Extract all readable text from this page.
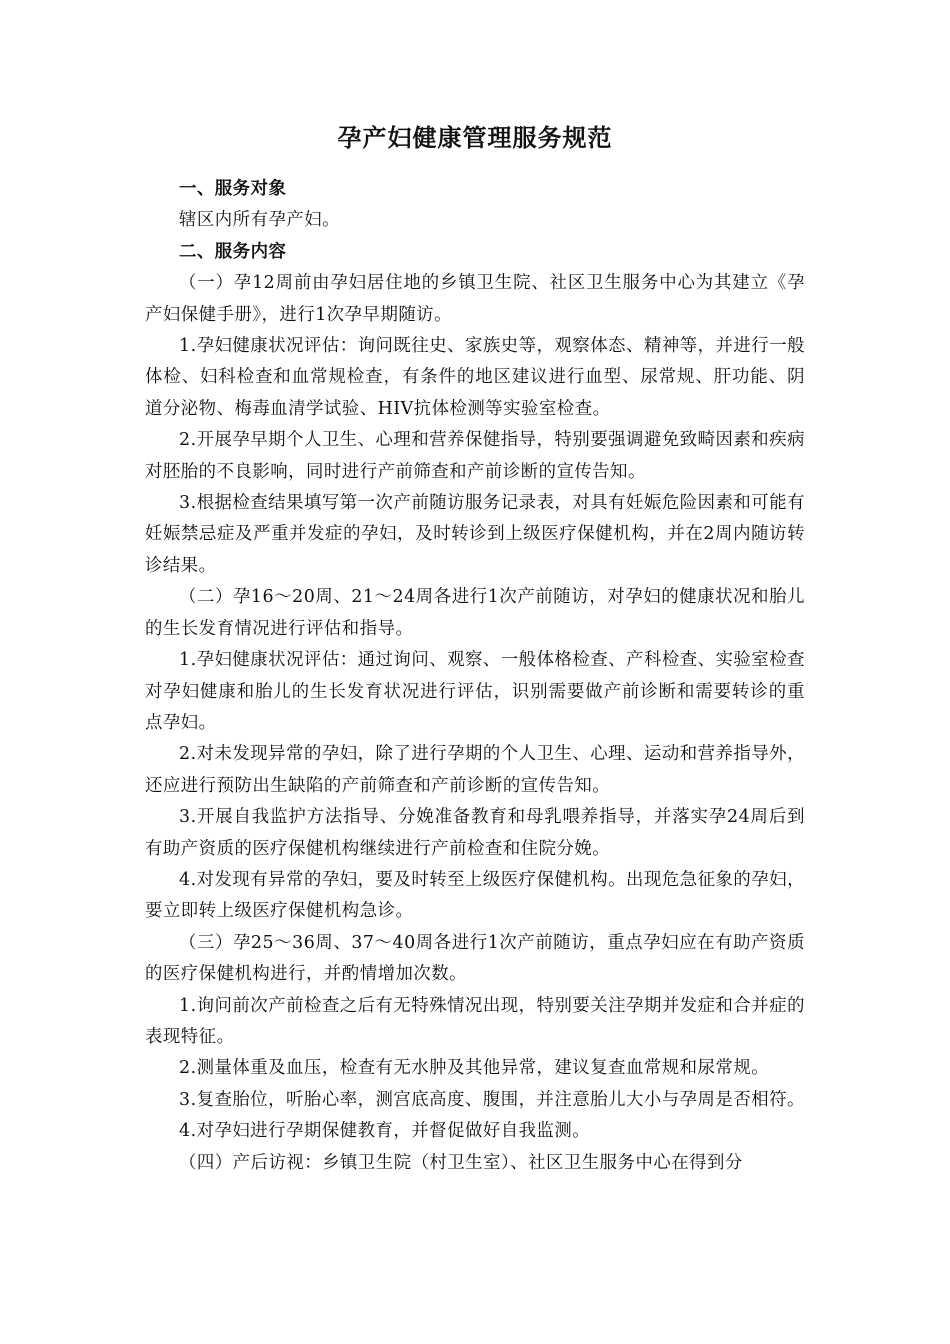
孕产妇健康管理服务规范

一、服务对象

辖区内所有孕产妇。

二、服务内容

（一）孕12周前由孕妇居住地的乡镇卫生院、社区卫生服务中心为其建立《孕产妇保健手册》，进行1次孕早期随访。

1.孕妇健康状况评估：询问既往史、家族史等，观察体态、精神等，并进行一般体检、妇科检查和血常规检查，有条件的地区建议进行血型、尿常规、肝功能、阴道分泌物、梅毒血清学试验、HIV抗体检测等实验室检查。

2.开展孕早期个人卫生、心理和营养保健指导，特别要强调避免致畸因素和疾病对胚胎的不良影响，同时进行产前筛查和产前诊断的宣传告知。

3.根据检查结果填写第一次产前随访服务记录表，对具有妊娠危险因素和可能有妊娠禁忌症及严重并发症的孕妇，及时转诊到上级医疗保健机构，并在2周内随访转诊结果。

（二）孕16～20周、21～24周各进行1次产前随访，对孕妇的健康状况和胎儿的生长发育情况进行评估和指导。

1.孕妇健康状况评估：通过询问、观察、一般体格检查、产科检查、实验室检查对孕妇健康和胎儿的生长发育状况进行评估，识别需要做产前诊断和需要转诊的重点孕妇。

2.对未发现异常的孕妇，除了进行孕期的个人卫生、心理、运动和营养指导外，还应进行预防出生缺陷的产前筛查和产前诊断的宣传告知。

3.开展自我监护方法指导、分娩准备教育和母乳喂养指导，并落实孕24周后到有助产资质的医疗保健机构继续进行产前检查和住院分娩。

4.对发现有异常的孕妇，要及时转至上级医疗保健机构。出现危急征象的孕妇，要立即转上级医疗保健机构急诊。

（三）孕25～36周、37～40周各进行1次产前随访，重点孕妇应在有助产资质的医疗保健机构进行，并酌情增加次数。

1.询问前次产前检查之后有无特殊情况出现，特别要关注孕期并发症和合并症的表现特征。

2.测量体重及血压，检查有无水肿及其他异常，建议复查血常规和尿常规。

3.复查胎位，听胎心率，测宫底高度、腹围，并注意胎儿大小与孕周是否相符。

4.对孕妇进行孕期保健教育，并督促做好自我监测。

（四）产后访视：乡镇卫生院（村卫生室）、社区卫生服务中心在得到分
